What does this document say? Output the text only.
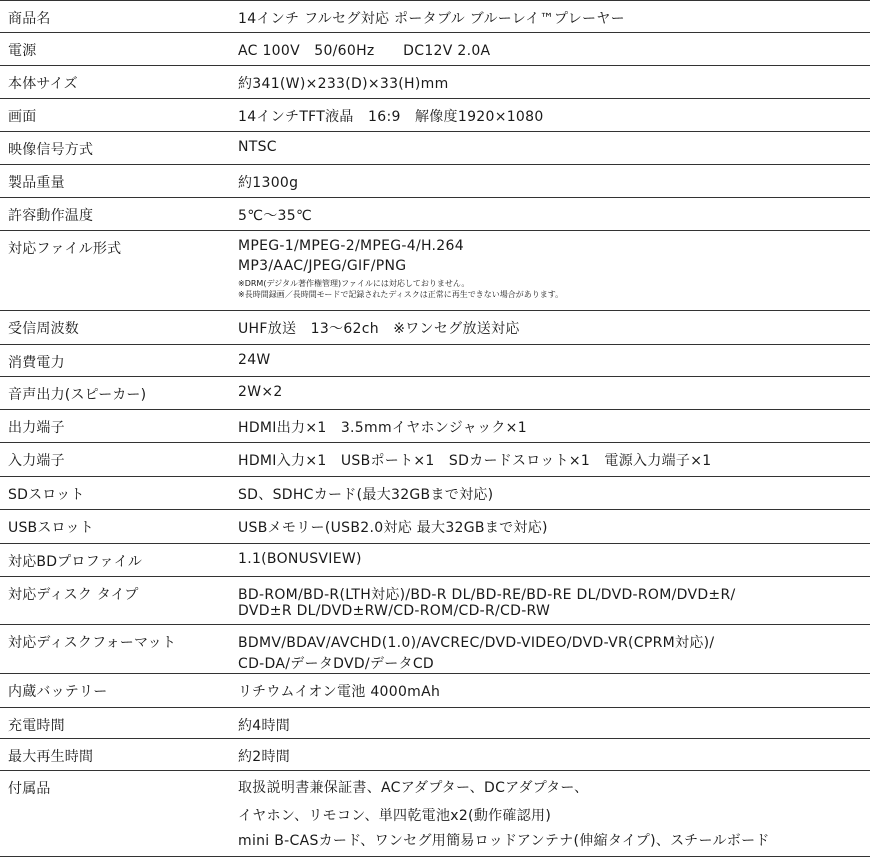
商品名	14インチ フルセグ対応 ポータブル ブルーレイ™プレーヤー
電源	AC 100V　50/60Hz　　DC12V 2.0A
本体サイズ	約341(W)×233(D)×33(H)mm
画面	14インチTFT液晶　16:9　解像度1920×1080
映像信号方式	NTSC
製品重量	約1300g
許容動作温度	5℃〜35℃
対応ファイル形式	MPEG-1/MPEG-2/MPEG-4/H.264
MP3/AAC/JPEG/GIF/PNG
※DRM(デジタル著作権管理)ファイルには対応しておりません。
※長時間録画／長時間モードで記録されたディスクは正常に再生できない場合があります。
受信周波数	UHF放送　13〜62ch　※ワンセグ放送対応
消費電力	24W
音声出力(スピーカー)	2W×2
出力端子	HDMI出力×1　3.5mmイヤホンジャック×1
入力端子	HDMI入力×1　USBポート×1　SDカードスロット×1　電源入力端子×1
SDスロット	SD、SDHCカード(最大32GBまで対応)
USBスロット	USBメモリー(USB2.0対応 最大32GBまで対応)
対応BDプロファイル	1.1(BONUSVIEW)
対応ディスク タイプ	BD-ROM/BD-R(LTH対応)/BD-R DL/BD-RE/BD-RE DL/DVD-ROM/DVD±R/
DVD±R DL/DVD±RW/CD-ROM/CD-R/CD-RW
対応ディスクフォーマット	BDMV/BDAV/AVCHD(1.0)/AVCREC/DVD-VIDEO/DVD-VR(CPRM対応)/
CD-DA/データDVD/データCD
内蔵バッテリー	リチウムイオン電池 4000mAh
充電時間	約4時間
最大再生時間	約2時間
付属品	取扱説明書兼保証書、ACアダプター、DCアダプター、
イヤホン、リモコン、単四乾電池x2(動作確認用)
mini B-CASカード、ワンセグ用簡易ロッドアンテナ(伸縮タイプ)、スチールボード
